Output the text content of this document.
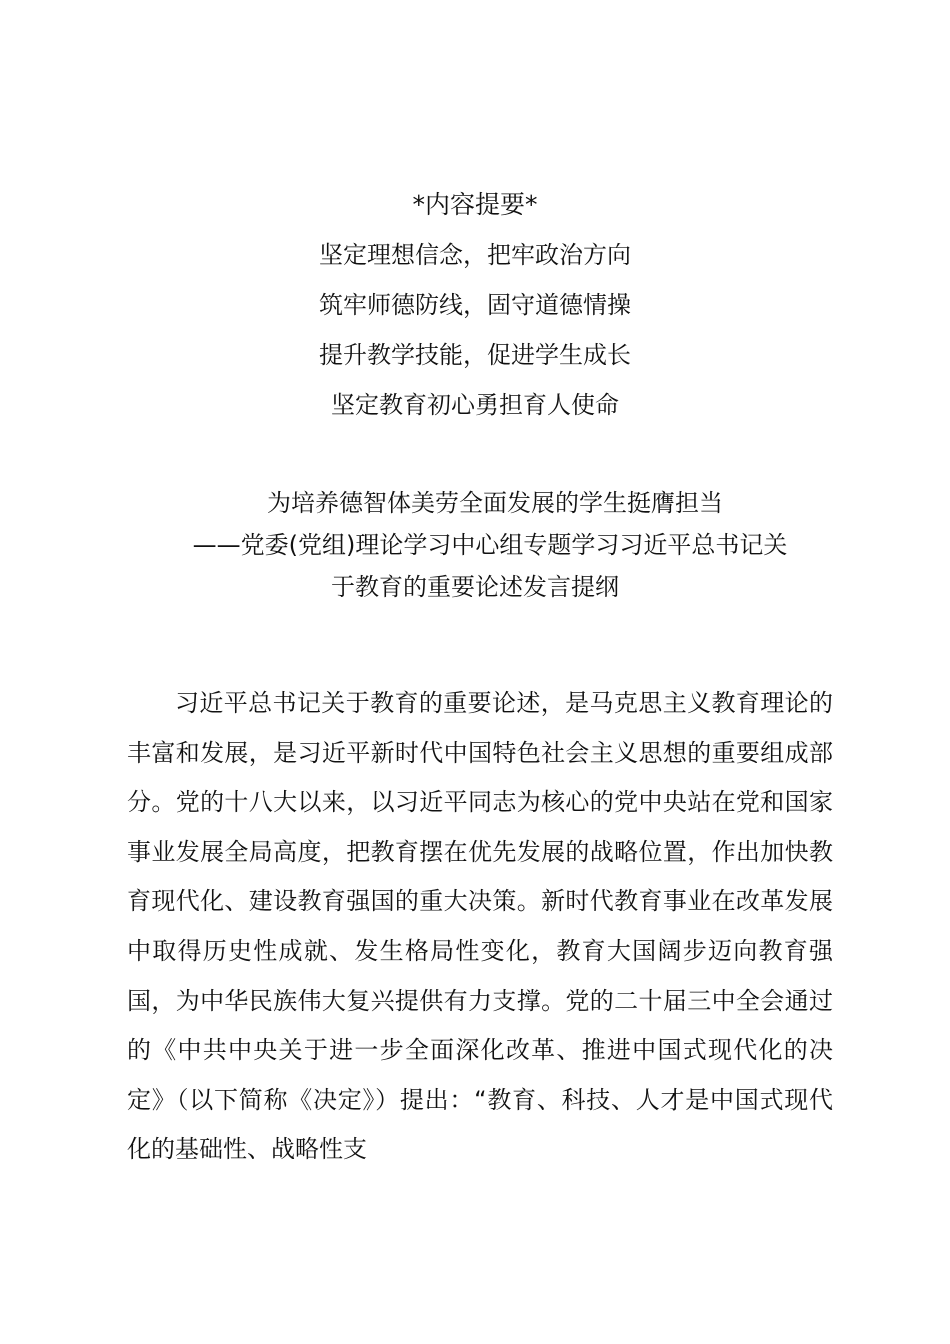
*内容提要*
坚定理想信念，把牢政治方向
筑牢师德防线，固守道德情操
提升教学技能，促进学生成长
坚定教育初心勇担育人使命
为培养德智体美劳全面发展的学生挺膺担当
——党委(党组)理论学习中心组专题学习习近平总书记关
于教育的重要论述发言提纲

习近平总书记关于教育的重要论述，是马克思主义教育理论的丰富和发展，是习近平新时代中国特色社会主义思想的重要组成部分。党的十八大以来，以习近平同志为核心的党中央站在党和国家事业发展全局高度，把教育摆在优先发展的战略位置，作出加快教育现代化、建设教育强国的重大决策。新时代教育事业在改革发展中取得历史性成就、发生格局性变化，教育大国阔步迈向教育强国，为中华民族伟大复兴提供有力支撑。党的二十届三中全会通过的《中共中央关于进一步全面深化改革、推进中国式现代化的决定》（以下简称《决定》）提出：“教育、科技、人才是中国式现代化的基础性、战略性支
